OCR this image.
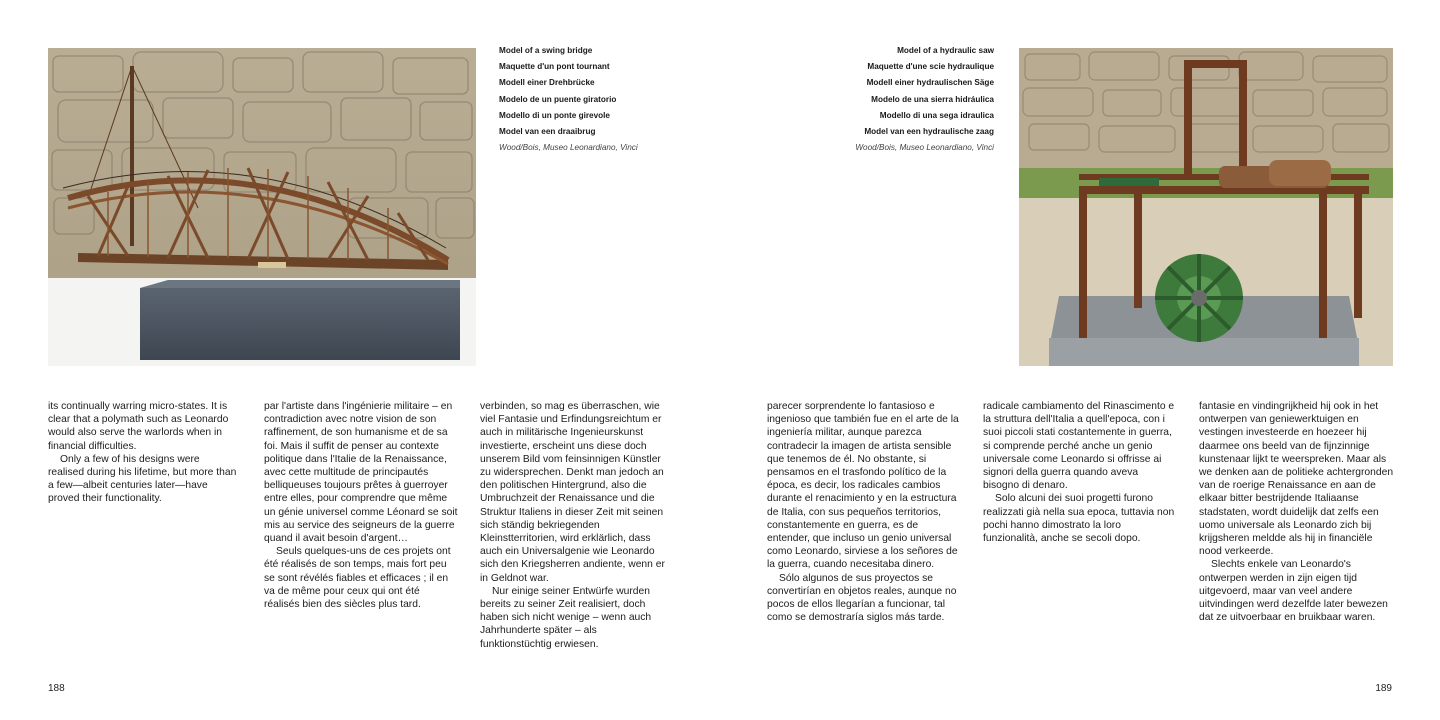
Model of a swing bridge
Maquette d'un pont tournant
Modell einer Drehbrücke
Modelo de un puente giratorio
Modello di un ponte girevole
Model van een draaibrug
Wood/Bois, Museo Leonardiano, Vinci
Model of a hydraulic saw
Maquette d'une scie hydraulique
Modell einer hydraulischen Säge
Modelo de una sierra hidráulica
Modello di una sega idraulica
Model van een hydraulische zaag
Wood/Bois, Museo Leonardiano, Vinci

its continually warring micro-states. It is clear that a polymath such as Leonardo would also serve the warlords when in financial difficulties.

Only a few of his designs were realised during his lifetime, but more than a few—albeit centuries later—have proved their functionality.

par l'artiste dans l'ingénierie militaire – en contradiction avec notre vision de son raffinement, de son humanisme et de sa foi. Mais il suffit de penser au contexte politique dans l'Italie de la Renaissance, avec cette multitude de principautés belliqueuses toujours prêtes à guerroyer entre elles, pour comprendre que même un génie universel comme Léonard se soit mis au service des seigneurs de la guerre quand il avait besoin d'argent…

Seuls quelques-uns de ces projets ont été réalisés de son temps, mais fort peu se sont révélés fiables et efficaces ; il en va de même pour ceux qui ont été réalisés bien des siècles plus tard.

verbinden, so mag es überraschen, wie viel Fantasie und Erfindungsreichtum er auch in militärische Ingenieurskunst investierte, erscheint uns diese doch unserem Bild vom feinsinnigen Künstler zu widersprechen. Denkt man jedoch an den politischen Hintergrund, also die Umbruchzeit der Renaissance und die Struktur Italiens in dieser Zeit mit seinen sich ständig bekriegenden Kleinstterritorien, wird erklärlich, dass auch ein Universalgenie wie Leonardo sich den Kriegsherren andiente, wenn er in Geldnot war.

Nur einige seiner Entwürfe wurden bereits zu seiner Zeit realisiert, doch haben sich nicht wenige – wenn auch Jahrhunderte später – als funktionstüchtig erwiesen.

parecer sorprendente lo fantasioso e ingenioso que también fue en el arte de la ingeniería militar, aunque parezca contradecir la imagen de artista sensible que tenemos de él. No obstante, si pensamos en el trasfondo político de la época, es decir, los radicales cambios durante el renacimiento y en la estructura de Italia, con sus pequeños territorios, constantemente en guerra, es de entender, que incluso un genio universal como Leonardo, sirviese a los señores de la guerra, cuando necesitaba dinero.

Sólo algunos de sus proyectos se convertirían en objetos reales, aunque no pocos de ellos llegarían a funcionar, tal como se demostraría siglos más tarde.

radicale cambiamento del Rinascimento e la struttura dell'Italia a quell'epoca, con i suoi piccoli stati costantemente in guerra, si comprende perché anche un genio universale come Leonardo si offrisse ai signori della guerra quando aveva bisogno di denaro.

Solo alcuni dei suoi progetti furono realizzati già nella sua epoca, tuttavia non pochi hanno dimostrato la loro funzionalità, anche se secoli dopo.

fantasie en vindingrijkheid hij ook in het ontwerpen van geniewerktuigen en vestingen investeerde en hoezeer hij daarmee ons beeld van de fijnzinnige kunstenaar lijkt te weerspreken. Maar als we denken aan de politieke achtergronden van de roerige Renaissance en aan de elkaar bitter bestrijdende Italiaanse stadstaten, wordt duidelijk dat zelfs een uomo universale als Leonardo zich bij krijgsheren meldde als hij in financiële nood verkeerde.

Slechts enkele van Leonardo's ontwerpen werden in zijn eigen tijd uitgevoerd, maar van veel andere uitvindingen werd dezelfde later bewezen dat ze uitvoerbaar en bruikbaar waren.

188	189
